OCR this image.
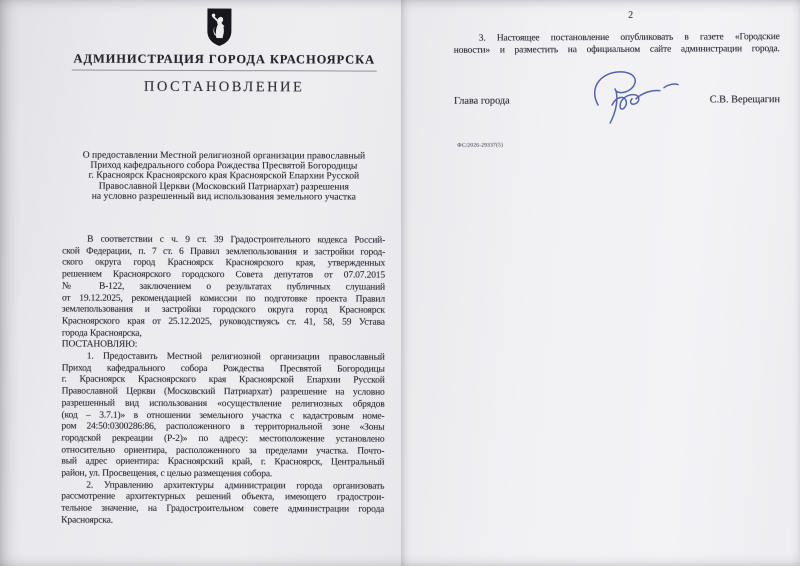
АДМИНИСТРАЦИЯ ГОРОДА КРАСНОЯРСКА
ПОСТАНОВЛЕНИЕ
О предоставлении Местной религиозной организации православный
Приход кафедрального собора Рождества Пресвятой Богородицы
г. Красноярск Красноярского края Красноярской Епархии Русской
Православной Церкви (Московский Патриархат) разрешения
на условно разрешенный вид использования земельного участка
В соответствии с ч. 9 ст. 39 Градостроительного кодекса Россий-
ской Федерации, п. 7 ст. 6 Правил землепользования и застройки город-
ского округа город Красноярск Красноярского края, утвержденных
решением Красноярского городского Совета депутатов от 07.07.2015
№ В-122, заключением о результатах публичных слушаний
от 19.12.2025, рекомендацией комиссии по подготовке проекта Правил
землепользования и застройки городского округа город Красноярск
Красноярского края от 25.12.2025, руководствуясь ст. 41, 58, 59 Устава
города Красноярска,
ПОСТАНОВЛЯЮ:
1. Предоставить Местной религиозной организации православный
Приход кафедрального собора Рождества Пресвятой Богородицы
г. Красноярск Красноярского края Красноярской Епархии Русской
Православной Церкви (Московский Патриархат) разрешение на условно
разрешенный вид использования «осуществление религиозных обрядов
(код – 3.7.1)» в отношении земельного участка с кадастровым номе-
ром 24:50:0300286:86, расположенного в территориальной зоне «Зоны
городской рекреации (Р-2)» по адресу: местоположение установлено
относительно ориентира, расположенного за пределами участка. Почто-
вый адрес ориентира: Красноярский край, г. Красноярск, Центральный
район, ул. Просвещения, с целью размещения собора.
2. Управлению архитектуры администрации города организовать
рассмотрение архитектурных решений объекта, имеющего градострои-
тельное значение, на Градостроительном совете администрации города
Красноярска.
2
3. Настоящее постановление опубликовать в газете «Городские
новости» и разместить на официальном сайте администрации города.
Глава города	С.В. Верещагин
ФС/2026-29337(5)
